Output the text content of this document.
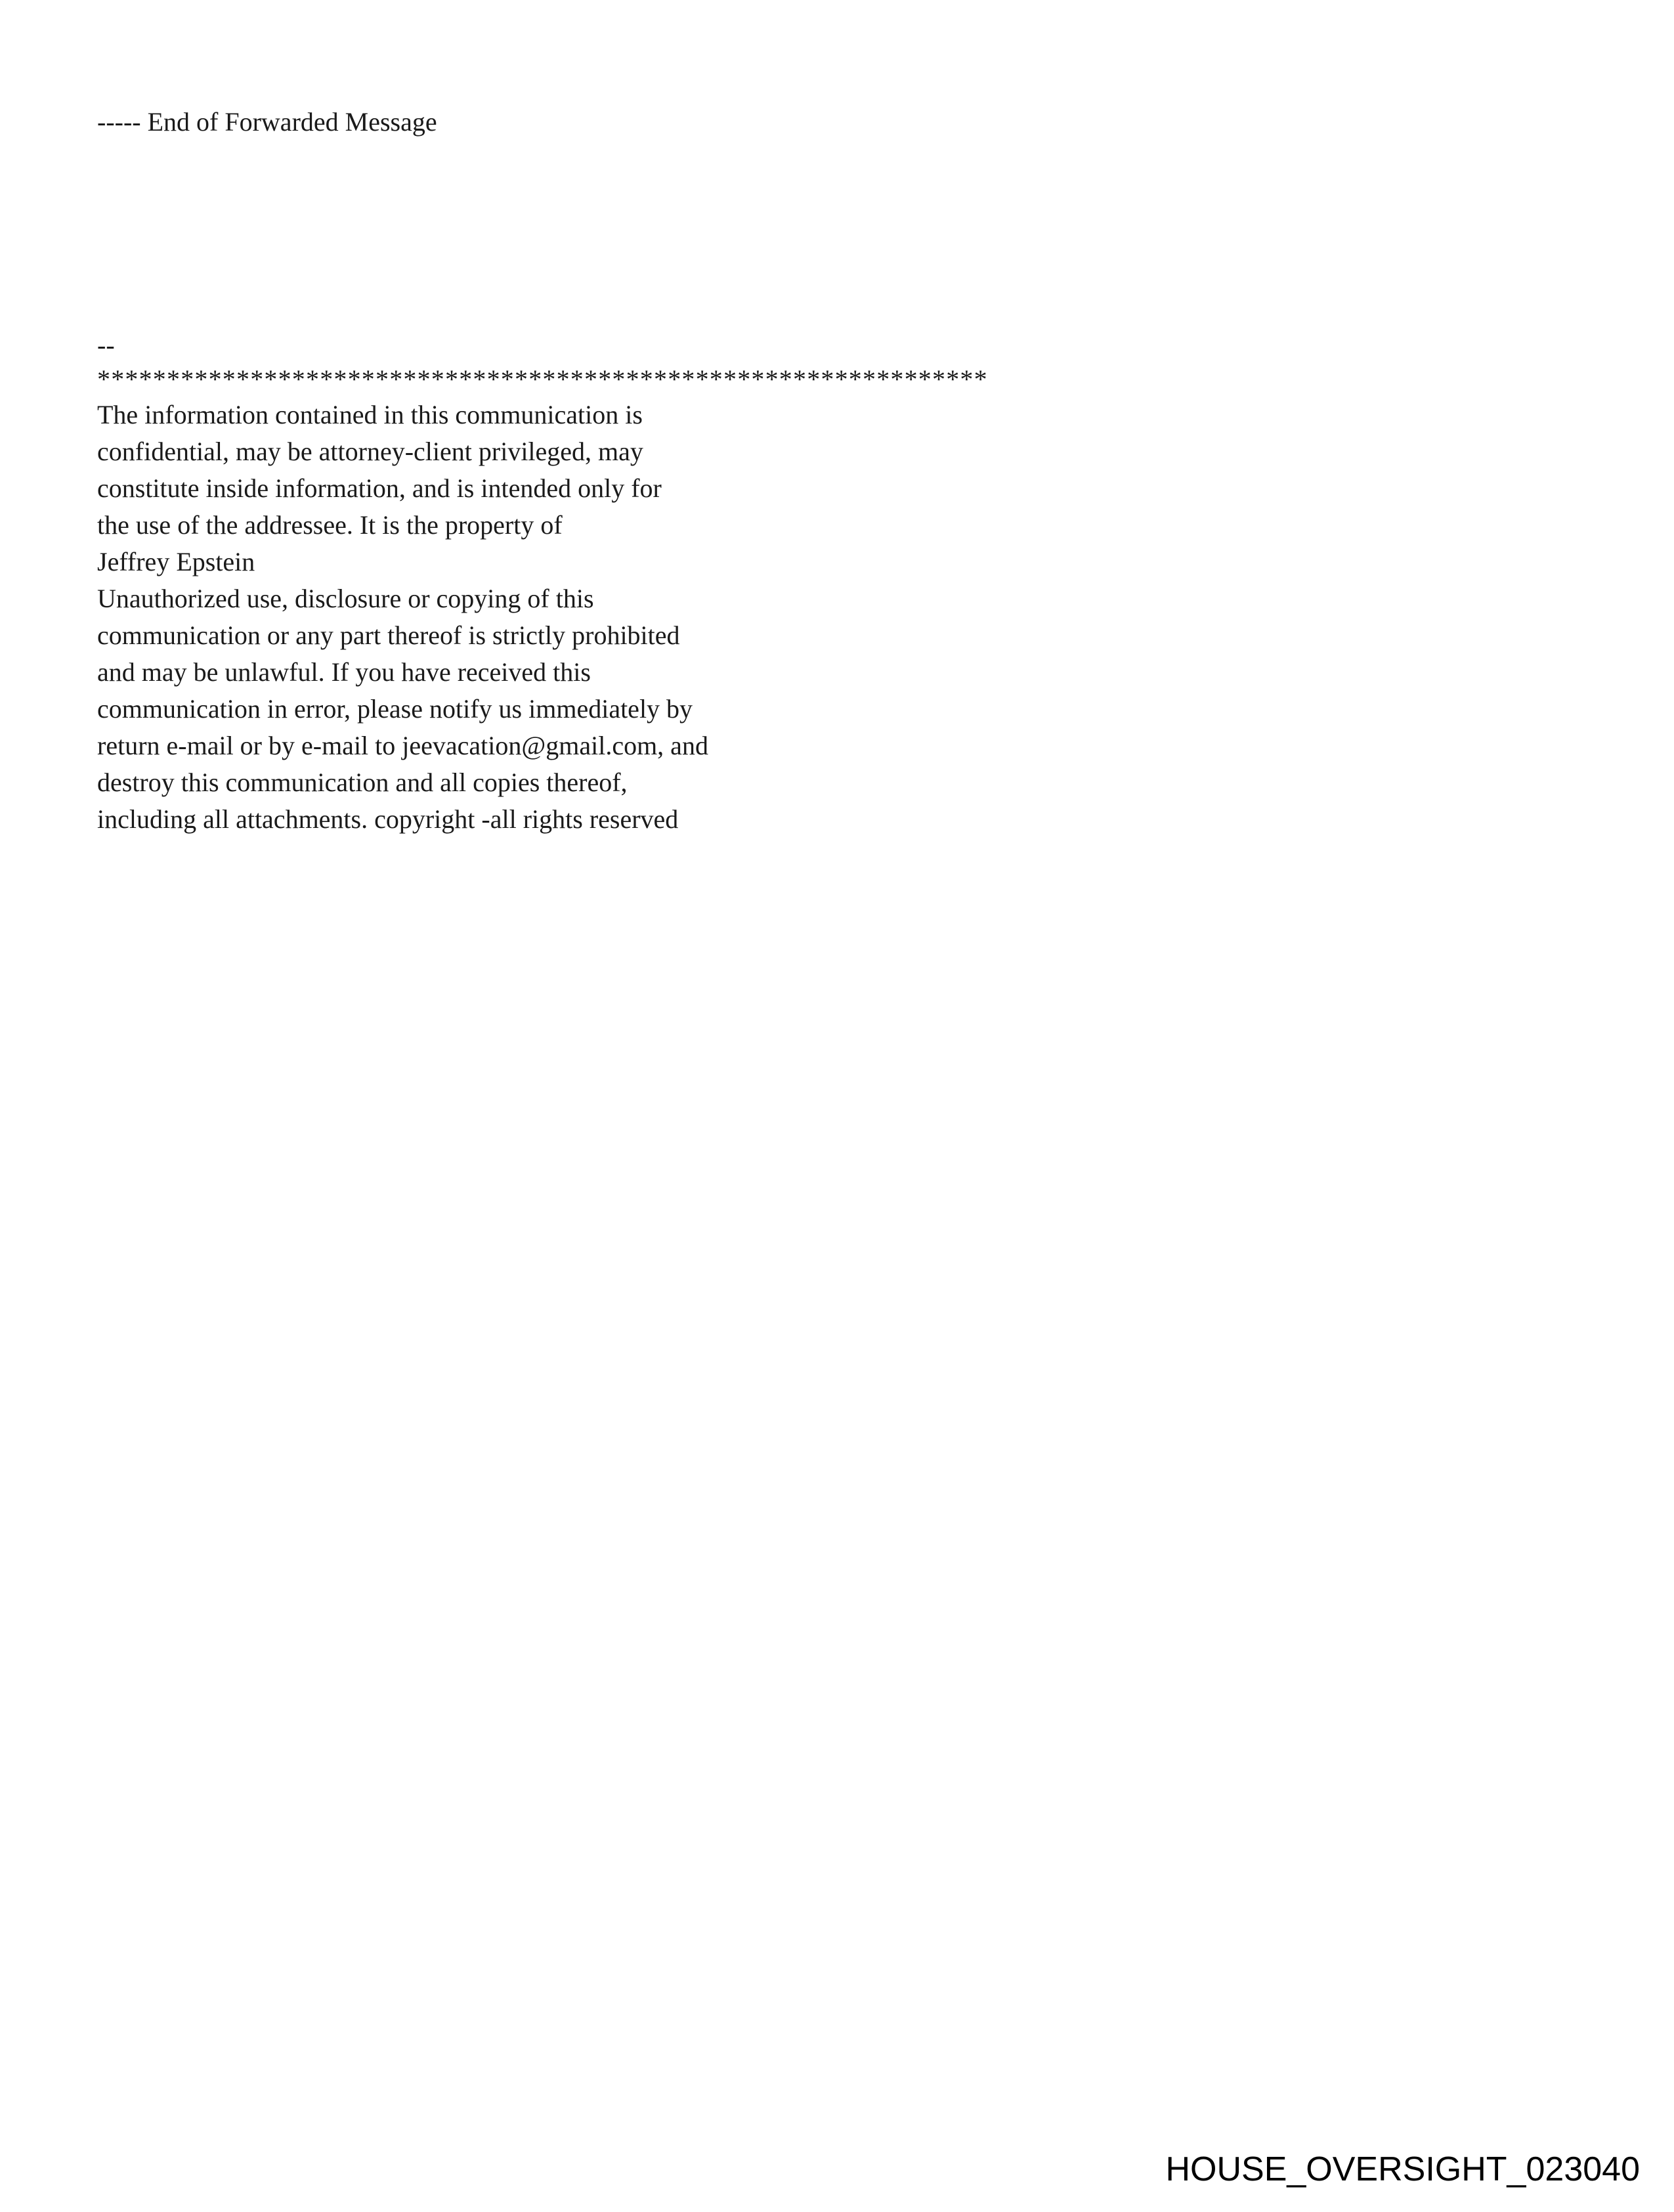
----- End of Forwarded Message
--
****************************************************************
The information contained in this communication is
confidential, may be attorney-client privileged, may
constitute inside information, and is intended only for
the use of the addressee. It is the property of
Jeffrey Epstein
Unauthorized use, disclosure or copying of this
communication or any part thereof is strictly prohibited
and may be unlawful. If you have received this
communication in error, please notify us immediately by
return e-mail or by e-mail to jeevacation@gmail.com, and
destroy this communication and all copies thereof,
including all attachments. copyright -all rights reserved
HOUSE_OVERSIGHT_023040
